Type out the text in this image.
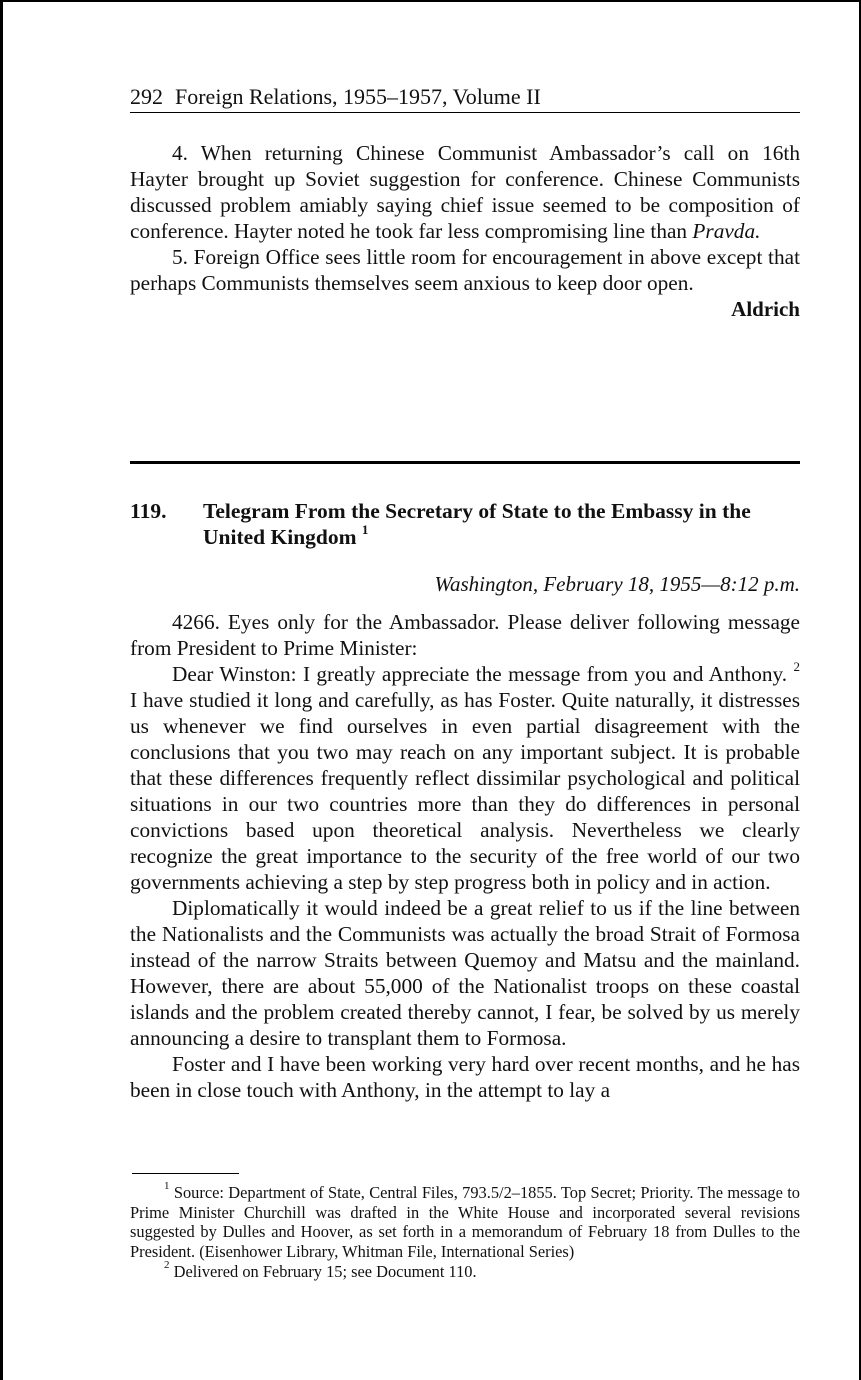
292 Foreign Relations, 1955–1957, Volume II

4. When returning Chinese Communist Ambassador’s call on 16th Hayter brought up Soviet suggestion for conference. Chinese Communists discussed problem amiably saying chief issue seemed to be composition of conference. Hayter noted he took far less compromising line than Pravda.

5. Foreign Office sees little room for encouragement in above except that perhaps Communists themselves seem anxious to keep door open.

Aldrich

119. Telegram From the Secretary of State to the Embassy in the United Kingdom $^1$
Washington, February 18, 1955—8:12 p.m.

4266. Eyes only for the Ambassador. Please deliver following message from President to Prime Minister:

Dear Winston: I greatly appreciate the message from you and Anthony. $^2$ I have studied it long and carefully, as has Foster. Quite naturally, it distresses us whenever we find ourselves in even partial disagreement with the conclusions that you two may reach on any important subject. It is probable that these differences frequently reflect dissimilar psychological and political situations in our two countries more than they do differences in personal convictions based upon theoretical analysis. Nevertheless we clearly recognize the great importance to the security of the free world of our two governments achieving a step by step progress both in policy and in action.

Diplomatically it would indeed be a great relief to us if the line between the Nationalists and the Communists was actually the broad Strait of Formosa instead of the narrow Straits between Quemoy and Matsu and the mainland. However, there are about 55,000 of the Nationalist troops on these coastal islands and the problem created thereby cannot, I fear, be solved by us merely announcing a desire to transplant them to Formosa.

Foster and I have been working very hard over recent months, and he has been in close touch with Anthony, in the attempt to lay a

$^1$ Source: Department of State, Central Files, 793.5/2–1855. Top Secret; Priority. The message to Prime Minister Churchill was drafted in the White House and incorporated several revisions suggested by Dulles and Hoover, as set forth in a memorandum of February 18 from Dulles to the President. (Eisenhower Library, Whitman File, International Series)

$^2$ Delivered on February 15; see Document 110.
